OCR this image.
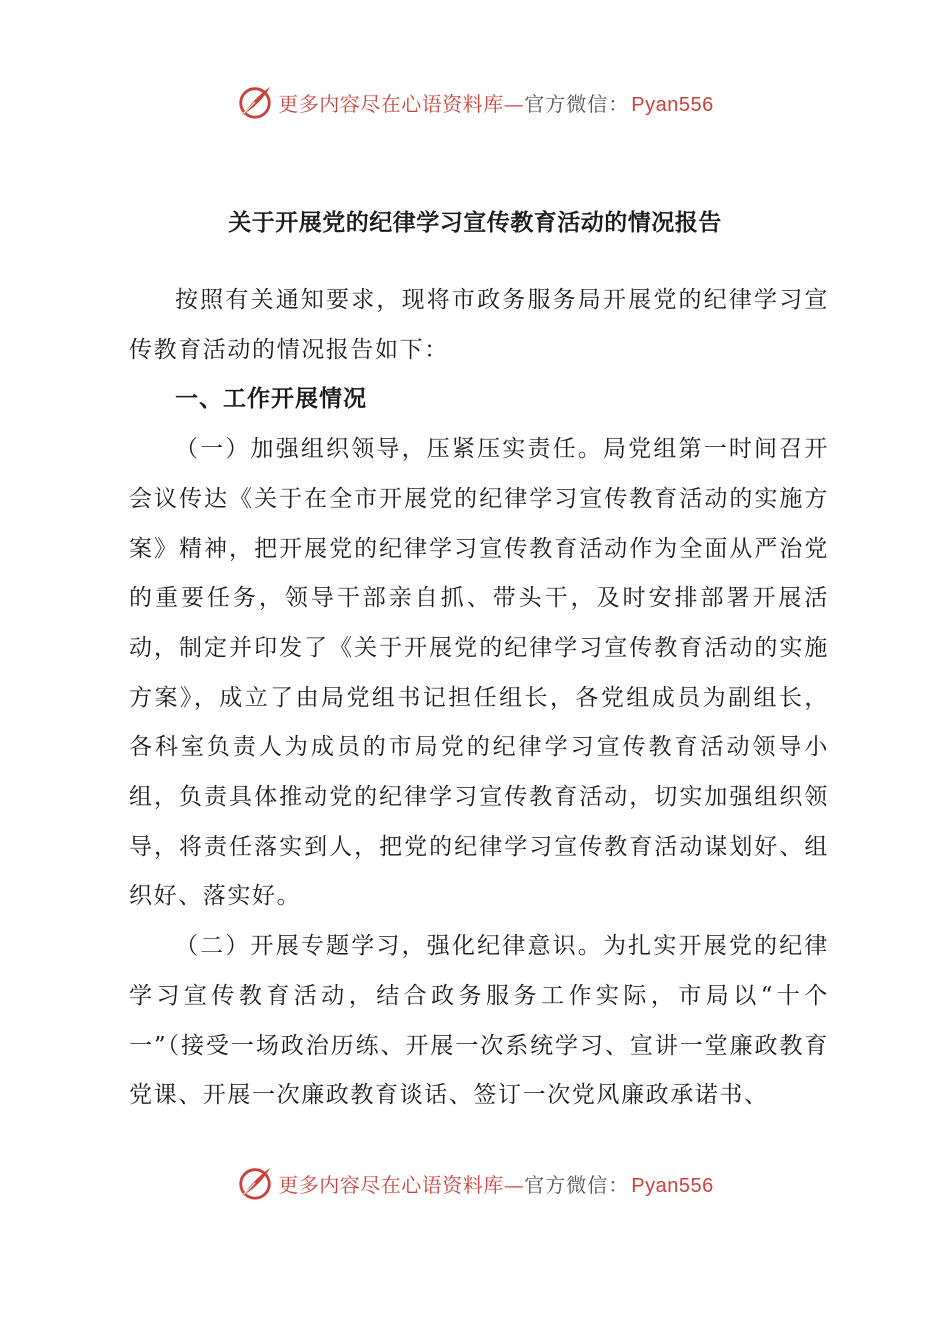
更多内容尽在心语资料库—官方微信： Pyan556
关于开展党的纪律学习宣传教育活动的情况报告

按照有关通知要求，现将市政务服务局开展党的纪律学习宣传教育活动的情况报告如下：

一、工作开展情况

（一）加强组织领导，压紧压实责任。局党组第一时间召开会议传达《关于在全市开展党的纪律学习宣传教育活动的实施方案》精神，把开展党的纪律学习宣传教育活动作为全面从严治党的重要任务，领导干部亲自抓、带头干，及时安排部署开展活动，制定并印发了《关于开展党的纪律学习宣传教育活动的实施方案》，成立了由局党组书记担任组长，各党组成员为副组长，各科室负责人为成员的市局党的纪律学习宣传教育活动领导小组，负责具体推动党的纪律学习宣传教育活动，切实加强组织领导，将责任落实到人，把党的纪律学习宣传教育活动谋划好、组织好、落实好。

（二）开展专题学习，强化纪律意识。为扎实开展党的纪律学习宣传教育活动，结合政务服务工作实际，市局以“十个一”（接受一场政治历练、开展一次系统学习、宣讲一堂廉政教育党课、开展一次廉政教育谈话、签订一次党风廉政承诺书、

更多内容尽在心语资料库—官方微信： Pyan556
